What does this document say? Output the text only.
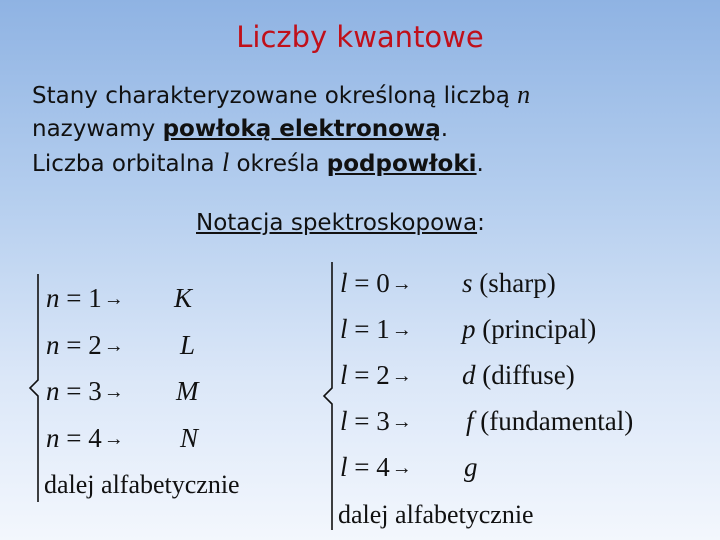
Liczby kwantowe
Stany charakteryzowane określoną liczbą n
nazywamy powłoką elektronową.
Liczba orbitalna l określa podpowłoki.
Notacja spektroskopowa:
n = 1 → K
n = 2 → L
n = 3 → M
n = 4 → N
dalej alfabetycznie
l = 0 → s (sharp)
l = 1 → p (principal)
l = 2 → d (diffuse)
l = 3 → f (fundamental)
l = 4 → g
dalej alfabetycznie
